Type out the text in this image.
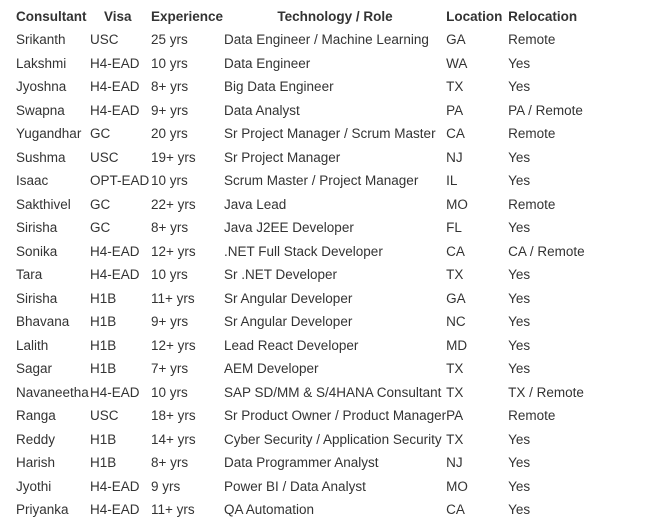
Consultant	Visa	Experience	Technology / Role	Location	Relocation
Srikanth	USC	25 yrs	Data Engineer / Machine Learning	GA	Remote
Lakshmi	H4-EAD	10 yrs	Data Engineer	WA	Yes
Jyoshna	H4-EAD	8+ yrs	Big Data Engineer	TX	Yes
Swapna	H4-EAD	9+ yrs	Data Analyst	PA	PA / Remote
Yugandhar	GC	20 yrs	Sr Project Manager / Scrum Master	CA	Remote
Sushma	USC	19+ yrs	Sr Project Manager	NJ	Yes
Isaac	OPT-EAD	10 yrs	Scrum Master / Project Manager	IL	Yes
Sakthivel	GC	22+ yrs	Java Lead	MO	Remote
Sirisha	GC	8+ yrs	Java J2EE Developer	FL	Yes
Sonika	H4-EAD	12+ yrs	.NET Full Stack Developer	CA	CA / Remote
Tara	H4-EAD	10 yrs	Sr .NET Developer	TX	Yes
Sirisha	H1B	11+ yrs	Sr Angular Developer	GA	Yes
Bhavana	H1B	9+ yrs	Sr Angular Developer	NC	Yes
Lalith	H1B	12+ yrs	Lead React Developer	MD	Yes
Sagar	H1B	7+ yrs	AEM Developer	TX	Yes
Navaneetha	H4-EAD	10 yrs	SAP SD/MM & S/4HANA Consultant	TX	TX / Remote
Ranga	USC	18+ yrs	Sr Product Owner / Product Manager	PA	Remote
Reddy	H1B	14+ yrs	Cyber Security / Application Security	TX	Yes
Harish	H1B	8+ yrs	Data Programmer Analyst	NJ	Yes
Jyothi	H4-EAD	9 yrs	Power BI / Data Analyst	MO	Yes
Priyanka	H4-EAD	11+ yrs	QA Automation	CA	Yes
